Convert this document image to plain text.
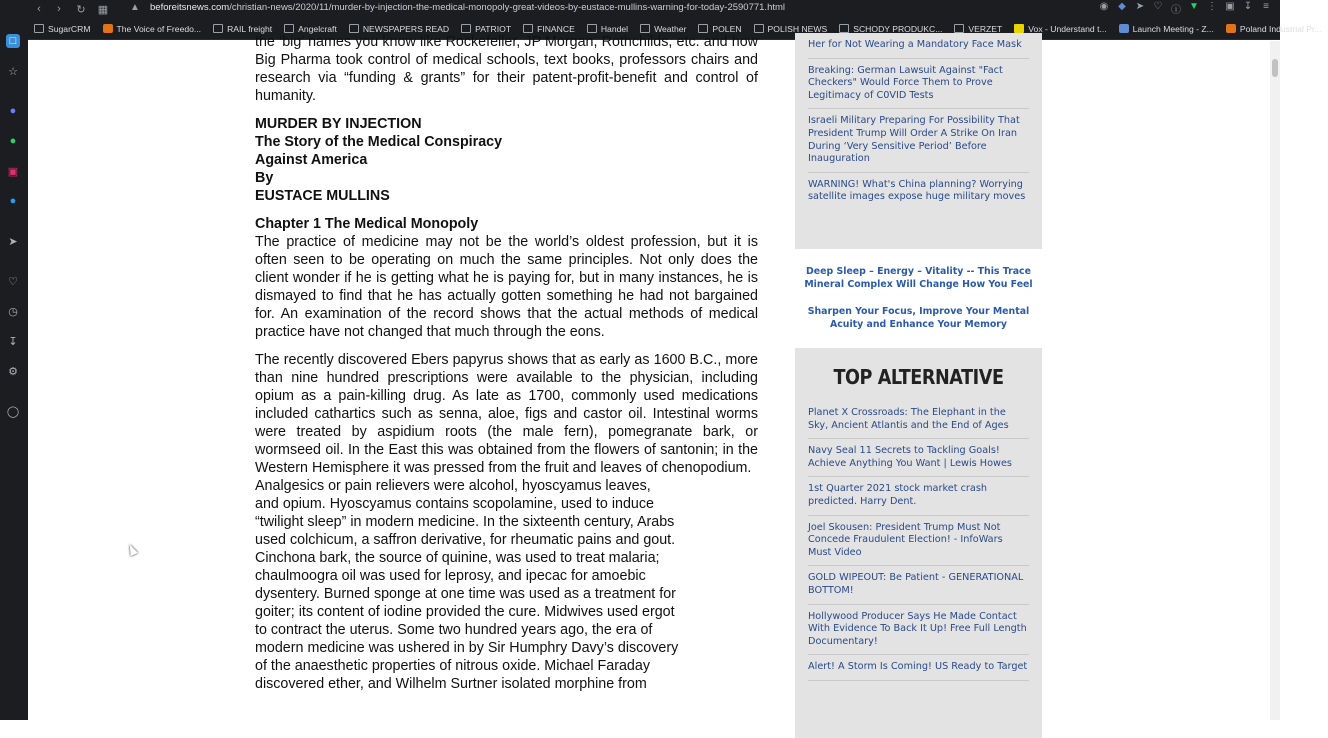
‹	›	↻	▦	▲ beforeitsnews.com/christian-news/2020/11/murder-by-injection-the-medical-monopoly-great-videos-by-eustace-mullins-warning-for-today-2590771.html	◉ ◆ ➤ ♡ ⓘ ▼ ⋮ ▣ ↧	≡
SugarCRM	The Voice of Freedo...	RAIL freight	Angelcraft	NEWSPAPERS READ	PATRIOT	FINANCE	Handel	Weather	POLEN	POLISH NEWS	SCHODY PRODUKC...	VERZET	Vox - Understand t...	Launch Meeting - Z...	Poland Industrial Pr...
□
☆
●
●
▣
●
➤
♡
◷
↧
⚙
◯

the ‘big’ names you know like Rockefeller, JP Morgan, Rothchilds, etc. and how Big Pharma took control of medical schools, text books, professors chairs and research via “funding & grants” for their patent-profit-benefit and control of humanity.

MURDER BY INJECTION
The Story of the Medical Conspiracy
Against America
By
EUSTACE MULLINS
Chapter 1 The Medical Monopoly

The practice of medicine may not be the world’s oldest profession, but it is often seen to be operating on much the same principles. Not only does the client wonder if he is getting what he is paying for, but in many instances, he is dismayed to find that he has actually gotten something he had not bargained for. An examination of the record shows that the actual methods of medical practice have not changed that much through the eons.

The recently discovered Ebers papyrus shows that as early as 1600 B.C., more than nine hundred prescriptions were available to the physician, including opium as a pain-killing drug. As late as 1700, commonly used medications included cathartics such as senna, aloe, figs and castor oil. Intestinal worms were treated by aspidium roots (the male fern), pomegranate bark, or wormseed oil. In the East this was obtained from the flowers of santonin; in the Western Hemisphere it was pressed from the fruit and leaves of chenopodium.

Analgesics or pain relievers were alcohol, hyoscyamus leaves,
and opium. Hyoscyamus contains scopolamine, used to induce
“twilight sleep” in modern medicine. In the sixteenth century, Arabs
used colchicum, a saffron derivative, for rheumatic pains and gout.
Cinchona bark, the source of quinine, was used to treat malaria;
chaulmoogra oil was used for leprosy, and ipecac for amoebic
dysentery. Burned sponge at one time was used as a treatment for
goiter; its content of iodine provided the cure. Midwives used ergot
to contract the uterus. Some two hundred years ago, the era of
modern medicine was ushered in by Sir Humphry Davy’s discovery
of the anaesthetic properties of nitrous oxide. Michael Faraday
discovered ether, and Wilhelm Surtner isolated morphine from
Her for Not Wearing a Mandatory Face Mask
Breaking: German Lawsuit Against "Fact Checkers" Would Force Them to Prove Legitimacy of C0VID Tests
Israeli Military Preparing For Possibility That President Trump Will Order A Strike On Iran During ‘Very Sensitive Period’ Before Inauguration
WARNING! What's China planning? Worrying satellite images expose huge military moves
Deep Sleep – Energy – Vitality -- This Trace Mineral Complex Will Change How You Feel
Sharpen Your Focus, Improve Your Mental Acuity and Enhance Your Memory
TOP ALTERNATIVE
Planet X Crossroads: The Elephant in the Sky, Ancient Atlantis and the End of Ages
Navy Seal 11 Secrets to Tackling Goals! Achieve Anything You Want | Lewis Howes
1st Quarter 2021 stock market crash predicted. Harry Dent.
Joel Skousen: President Trump Must Not Concede Fraudulent Election! - InfoWars Must Video
GOLD WIPEOUT: Be Patient - GENERATIONAL BOTTOM!
Hollywood Producer Says He Made Contact With Evidence To Back It Up! Free Full Length Documentary!
Alert! A Storm Is Coming! US Ready to Target
